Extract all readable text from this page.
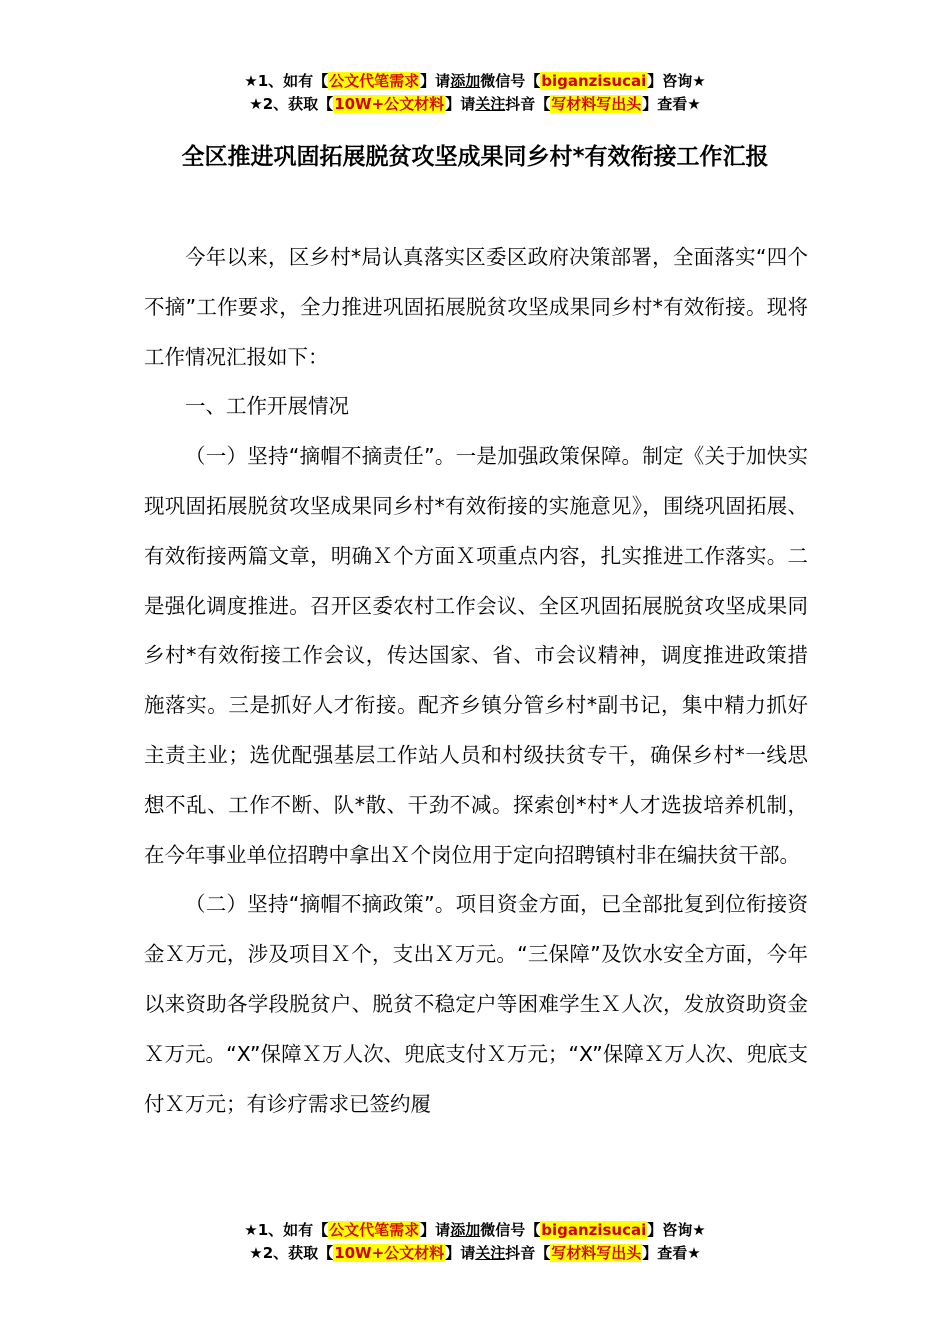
★1、如有【公文代笔需求】请添加微信号【biganzisucai】咨询★
★2、获取【10W+公文材料】请关注抖音【写材料写出头】查看★
全区推进巩固拓展脱贫攻坚成果同乡村*有效衔接工作汇报

今年以来，区乡村*局认真落实区委区政府决策部署，全面落实“四个不摘”工作要求，全力推进巩固拓展脱贫攻坚成果同乡村*有效衔接。现将工作情况汇报如下：

一、工作开展情况

（一）坚持“摘帽不摘责任”。一是加强政策保障。制定《关于加快实现巩固拓展脱贫攻坚成果同乡村*有效衔接的实施意见》，围绕巩固拓展、有效衔接两篇文章，明确Ｘ个方面Ｘ项重点内容，扎实推进工作落实。二是强化调度推进。召开区委农村工作会议、全区巩固拓展脱贫攻坚成果同乡村*有效衔接工作会议，传达国家、省、市会议精神，调度推进政策措施落实。三是抓好人才衔接。配齐乡镇分管乡村*副书记，集中精力抓好主责主业；选优配强基层工作站人员和村级扶贫专干，确保乡村*一线思想不乱、工作不断、队*散、干劲不减。探索创*村*人才选拔培养机制，在今年事业单位招聘中拿出Ｘ个岗位用于定向招聘镇村非在编扶贫干部。

（二）坚持“摘帽不摘政策”。项目资金方面，已全部批复到位衔接资金Ｘ万元，涉及项目Ｘ个，支出Ｘ万元。“三保障”及饮水安全方面，今年以来资助各学段脱贫户、脱贫不稳定户等困难学生Ｘ人次，发放资助资金Ｘ万元。“X”保障Ｘ万人次、兜底支付Ｘ万元；“X”保障Ｘ万人次、兜底支付Ｘ万元；有诊疗需求已签约履

★1、如有【公文代笔需求】请添加微信号【biganzisucai】咨询★
★2、获取【10W+公文材料】请关注抖音【写材料写出头】查看★
